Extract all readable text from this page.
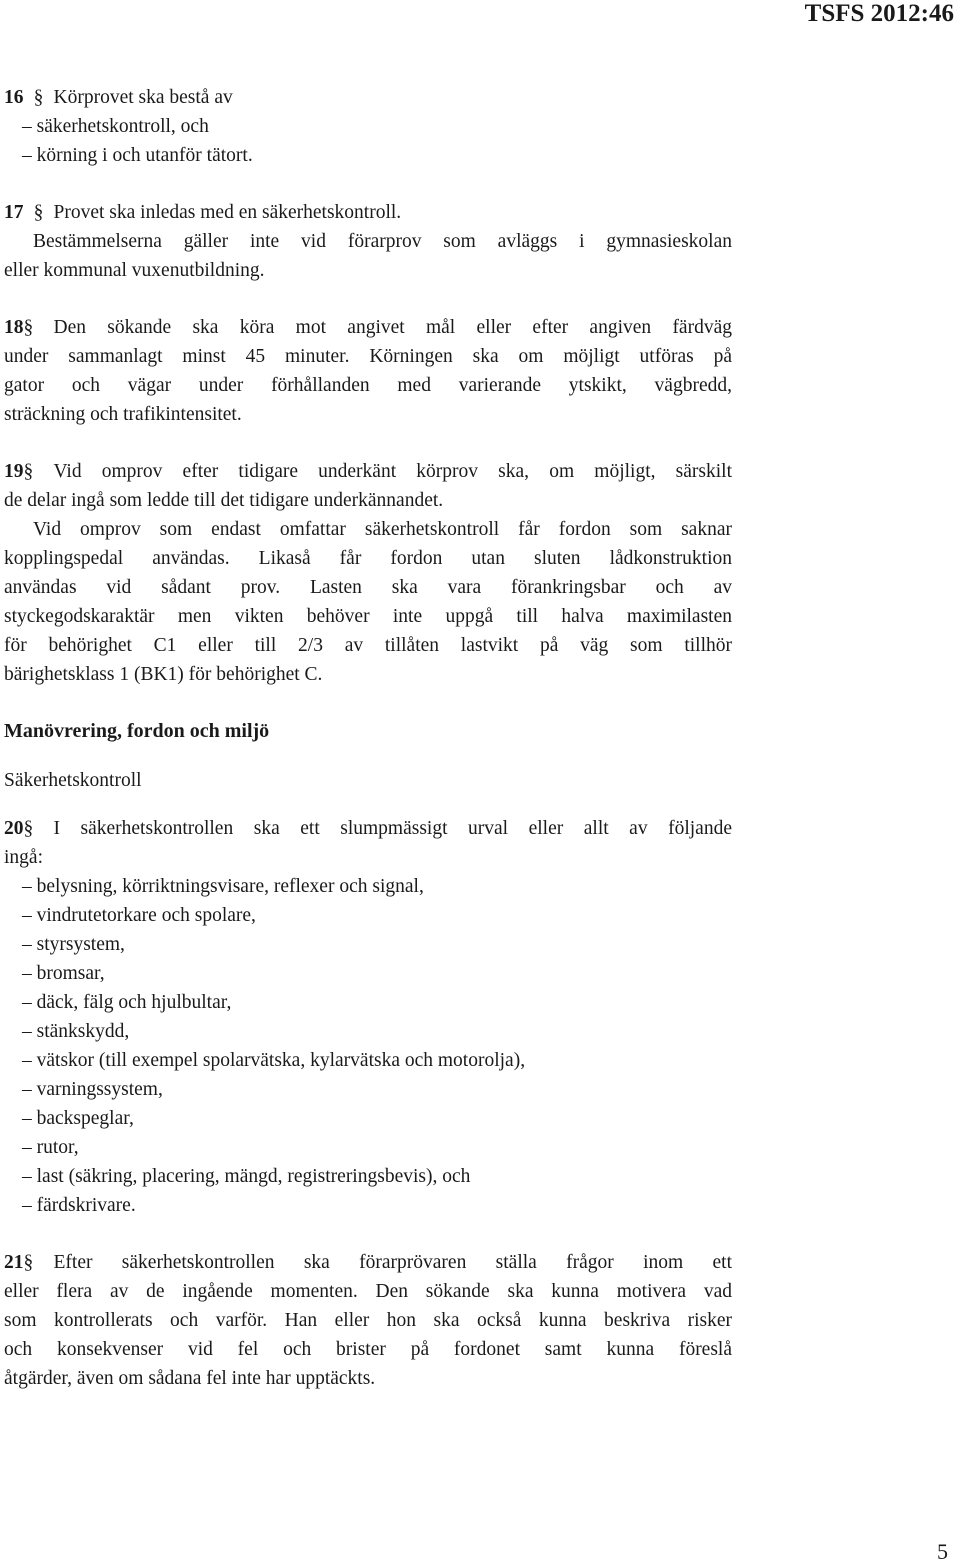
TSFS 2012:46

16 § Körprovet ska bestå av

– säkerhetskontroll, och

– körning i och utanför tätort.

17 § Provet ska inledas med en säkerhetskontroll.

Bestämmelserna gäller inte vid förarprov som avläggs i gymnasieskolan

eller kommunal vuxenutbildning.

18§ Den sökande ska köra mot angivet mål eller efter angiven färdväg

under sammanlagt minst 45 minuter. Körningen ska om möjligt utföras på

gator och vägar under förhållanden med varierande ytskikt, vägbredd,

sträckning och trafikintensitet.

19§ Vid omprov efter tidigare underkänt körprov ska, om möjligt, särskilt

de delar ingå som ledde till det tidigare underkännandet.

Vid omprov som endast omfattar säkerhetskontroll får fordon som saknar

kopplingspedal användas. Likaså får fordon utan sluten lådkonstruktion

användas vid sådant prov. Lasten ska vara förankringsbar och av

styckegodskaraktär men vikten behöver inte uppgå till halva maximilasten

för behörighet C1 eller till 2/3 av tillåten lastvikt på väg som tillhör

bärighetsklass 1 (BK1) för behörighet C.

Manövrering, fordon och miljö

Säkerhetskontroll

20§ I säkerhetskontrollen ska ett slumpmässigt urval eller allt av följande

ingå:

– belysning, körriktningsvisare, reflexer och signal,

– vindrutetorkare och spolare,

– styrsystem,

– bromsar,

– däck, fälg och hjulbultar,

– stänkskydd,

– vätskor (till exempel spolarvätska, kylarvätska och motorolja),

– varningssystem,

– backspeglar,

– rutor,

– last (säkring, placering, mängd, registreringsbevis), och

– färdskrivare.

21§ Efter säkerhetskontrollen ska förarprövaren ställa frågor inom ett

eller flera av de ingående momenten. Den sökande ska kunna motivera vad

som kontrollerats och varför. Han eller hon ska också kunna beskriva risker

och konsekvenser vid fel och brister på fordonet samt kunna föreslå

åtgärder, även om sådana fel inte har upptäckts.

5
